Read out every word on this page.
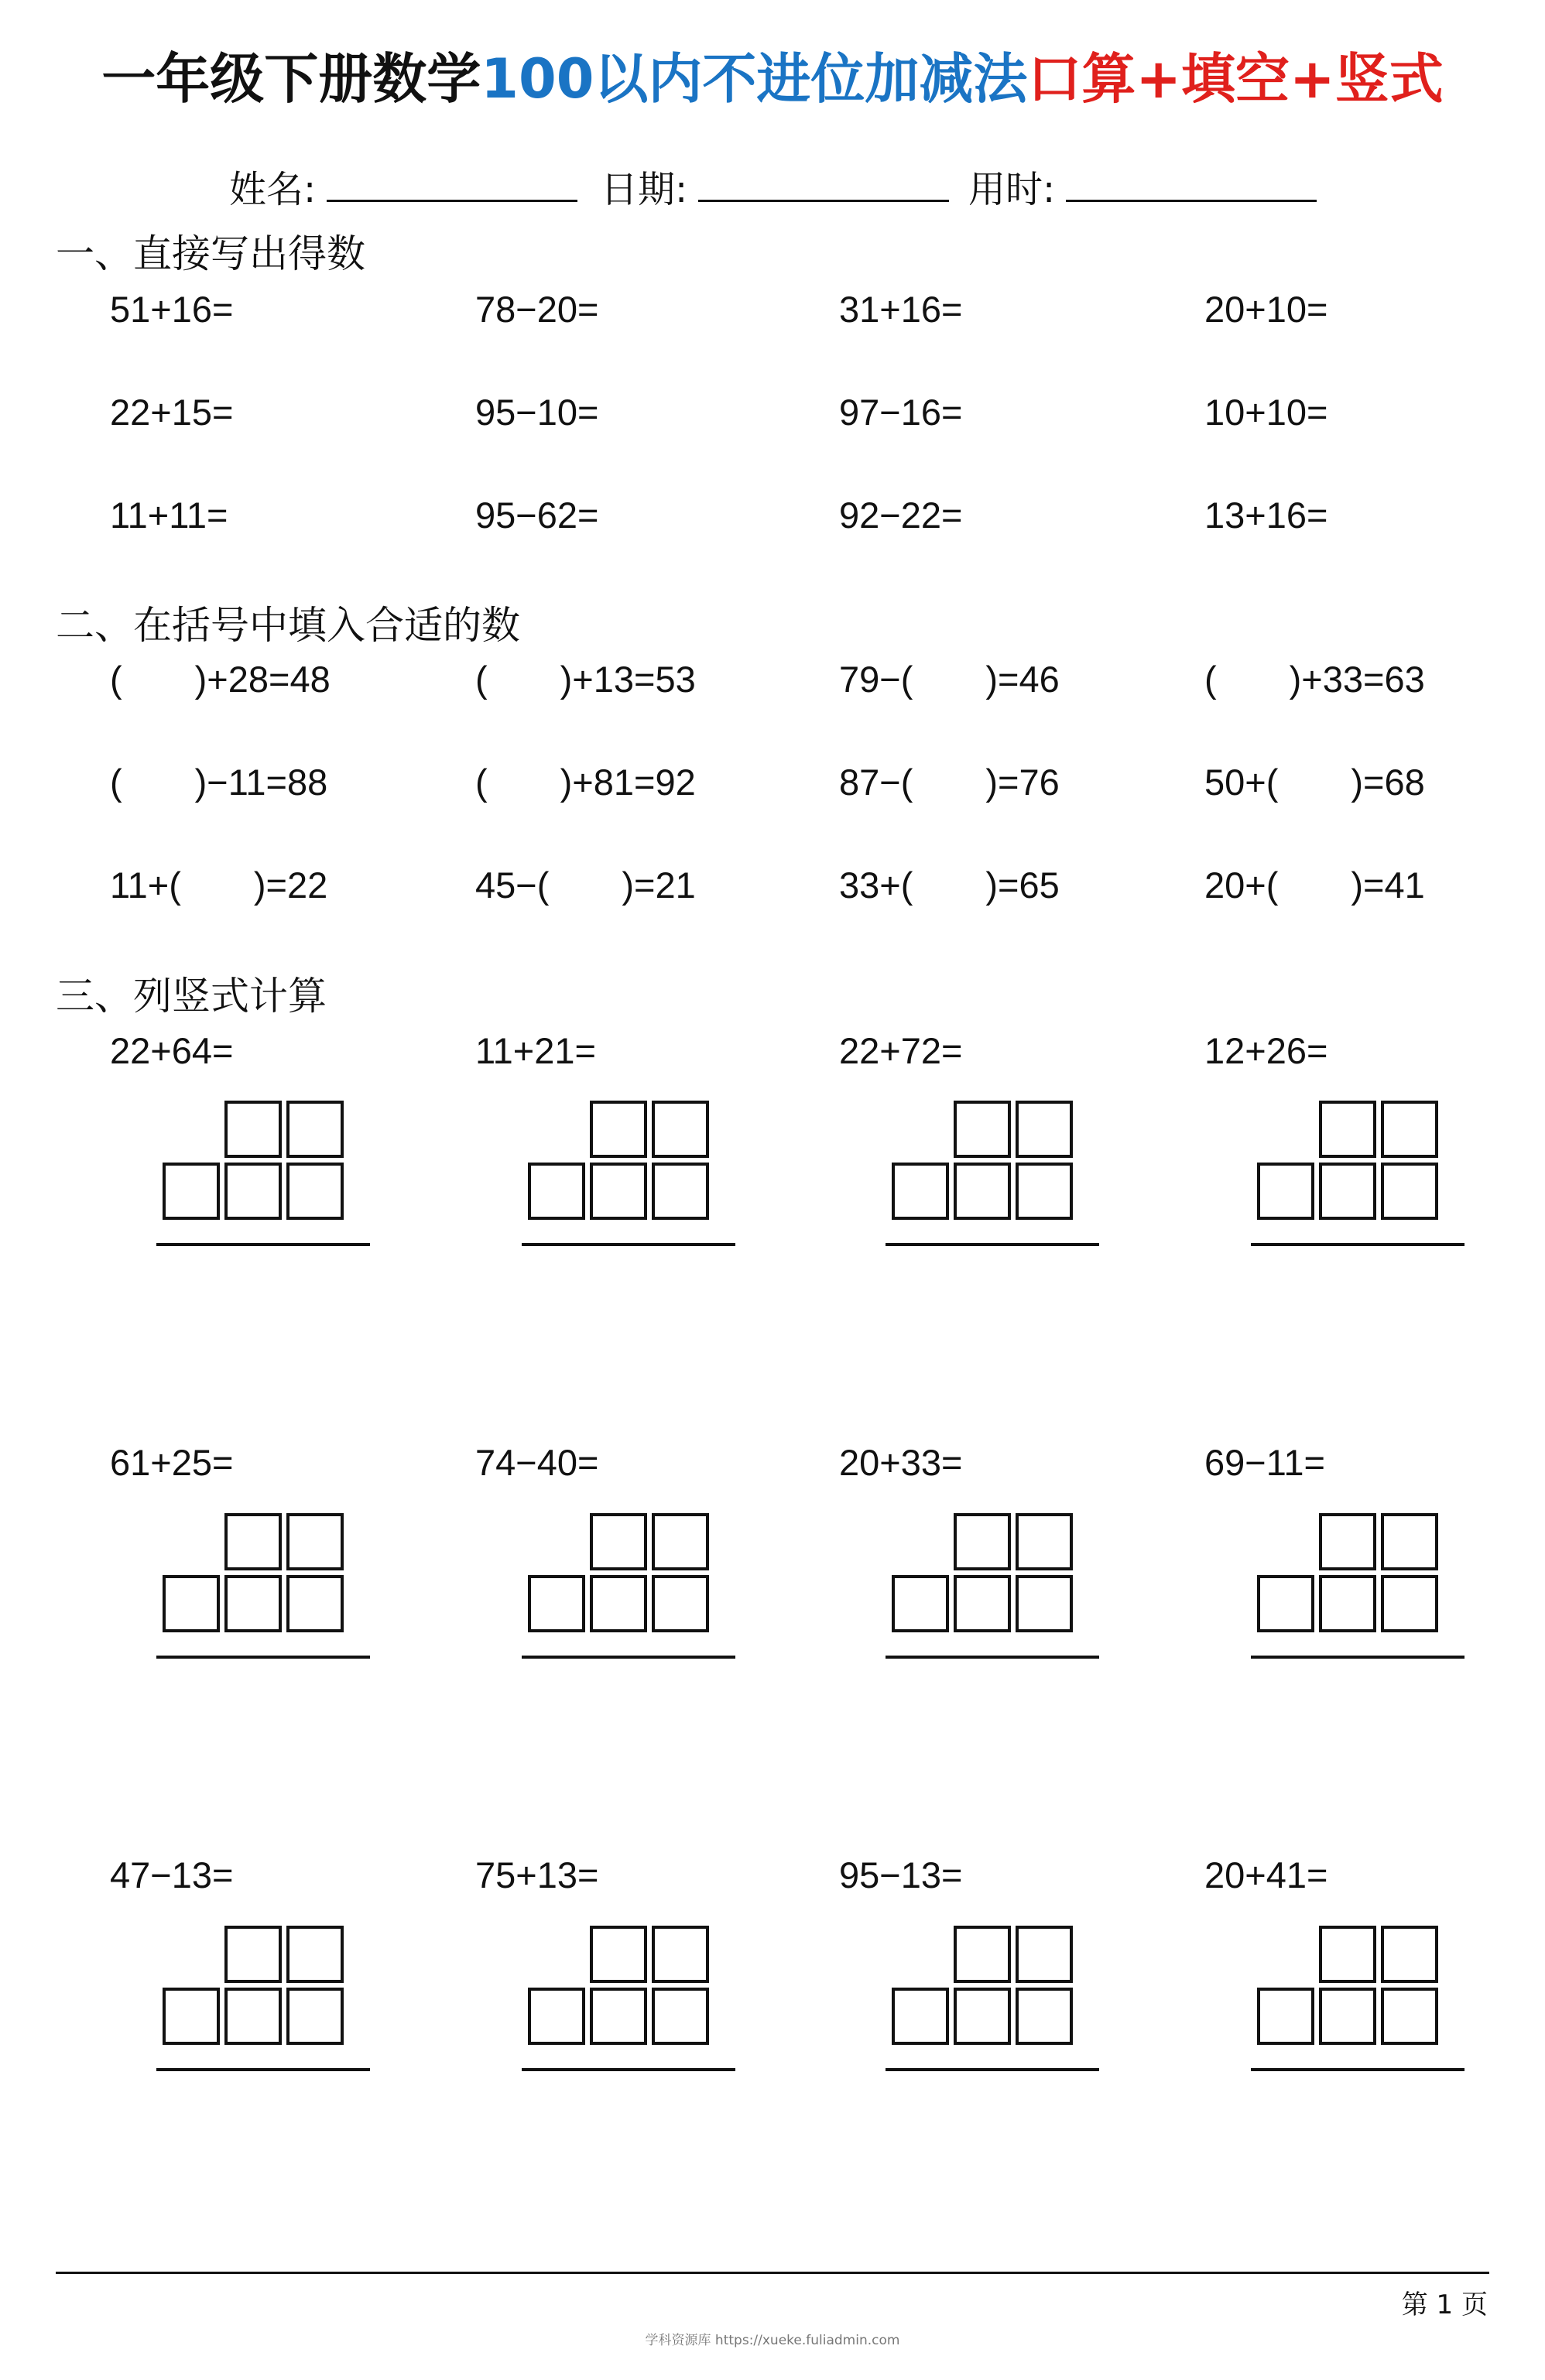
一年级下册数学100以内不进位加减法口算+填空+竖式
姓名:	日期:	用时:
一、直接写出得数
51+16=	78−20=	31+16=	20+10=
22+15=	95−10=	97−16=	10+10=
11+11=	95−62=	92−22=	13+16=
二、在括号中填入合适的数
(　　)+28=48	(　　)+13=53	79−(　　)=46	(　　)+33=63
(　　)−11=88	(　　)+81=92	87−(　　)=76	50+(　　)=68
11+(　　)=22	45−(　　)=21	33+(　　)=65	20+(　　)=41
三、列竖式计算
22+64=	11+21=	22+72=	12+26=
61+25=	74−40=	20+33=	69−11=
47−13=	75+13=	95−13=	20+41=
第 1 页
学科资源库 https://xueke.fuliadmin.com
